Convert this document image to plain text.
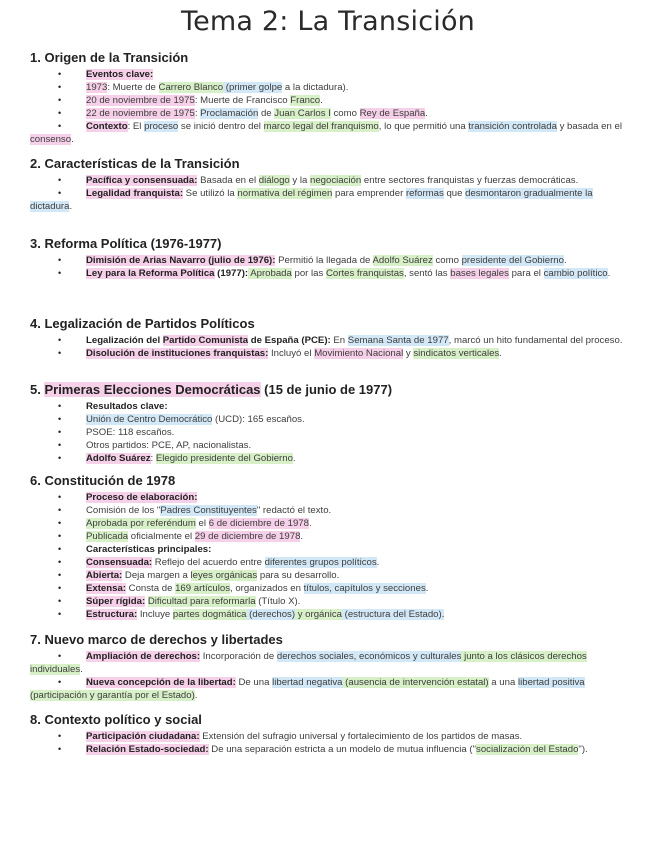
Tema 2: La Transición
1. Origen de la Transición
•	Eventos clave:
•	1973: Muerte de Carrero Blanco (primer golpe a la dictadura).
•	20 de noviembre de 1975: Muerte de Francisco Franco.
•	22 de noviembre de 1975: Proclamación de Juan Carlos I como Rey de España.
•	Contexto: El proceso se inició dentro del marco legal del franquismo, lo que permitió una transición controlada y basada en el consenso.
2. Características de la Transición
•	Pacífica y consensuada: Basada en el diálogo y la negociación entre sectores franquistas y fuerzas democráticas.
•	Legalidad franquista: Se utilizó la normativa del régimen para emprender reformas que desmontaron gradualmente la dictadura.
3. Reforma Política (1976-1977)
•	Dimisión de Arias Navarro (julio de 1976): Permitió la llegada de Adolfo Suárez como presidente del Gobierno.
•	Ley para la Reforma Política (1977): Aprobada por las Cortes franquistas, sentó las bases legales para el cambio político.
4. Legalización de Partidos Políticos
•	Legalización del Partido Comunista de España (PCE): En Semana Santa de 1977, marcó un hito fundamental del proceso.
•	Disolución de instituciones franquistas: Incluyó el Movimiento Nacional y sindicatos verticales.
5. Primeras Elecciones Democráticas (15 de junio de 1977)
•	Resultados clave:
•	Unión de Centro Democrático (UCD): 165 escaños.
•	PSOE: 118 escaños.
•	Otros partidos: PCE, AP, nacionalistas.
•	Adolfo Suárez: Elegido presidente del Gobierno.
6. Constitución de 1978
•	Proceso de elaboración:
•	Comisión de los "Padres Constituyentes" redactó el texto.
•	Aprobada por referéndum el 6 de diciembre de 1978.
•	Publicada oficialmente el 29 de diciembre de 1978.
•	Características principales:
•	Consensuada: Reflejo del acuerdo entre diferentes grupos políticos.
•	Abierta: Deja margen a leyes orgánicas para su desarrollo.
•	Extensa: Consta de 169 artículos, organizados en títulos, capítulos y secciones.
•	Súper rígida: Dificultad para reformarla (Título X).
•	Estructura: Incluye partes dogmática (derechos) y orgánica (estructura del Estado).
7. Nuevo marco de derechos y libertades
•	Ampliación de derechos: Incorporación de derechos sociales, económicos y culturales junto a los clásicos derechos individuales.
•	Nueva concepción de la libertad: De una libertad negativa (ausencia de intervención estatal) a una libertad positiva (participación y garantía por el Estado).
8. Contexto político y social
•	Participación ciudadana: Extensión del sufragio universal y fortalecimiento de los partidos de masas.
•	Relación Estado-sociedad: De una separación estricta a un modelo de mutua influencia ("socialización del Estado").
